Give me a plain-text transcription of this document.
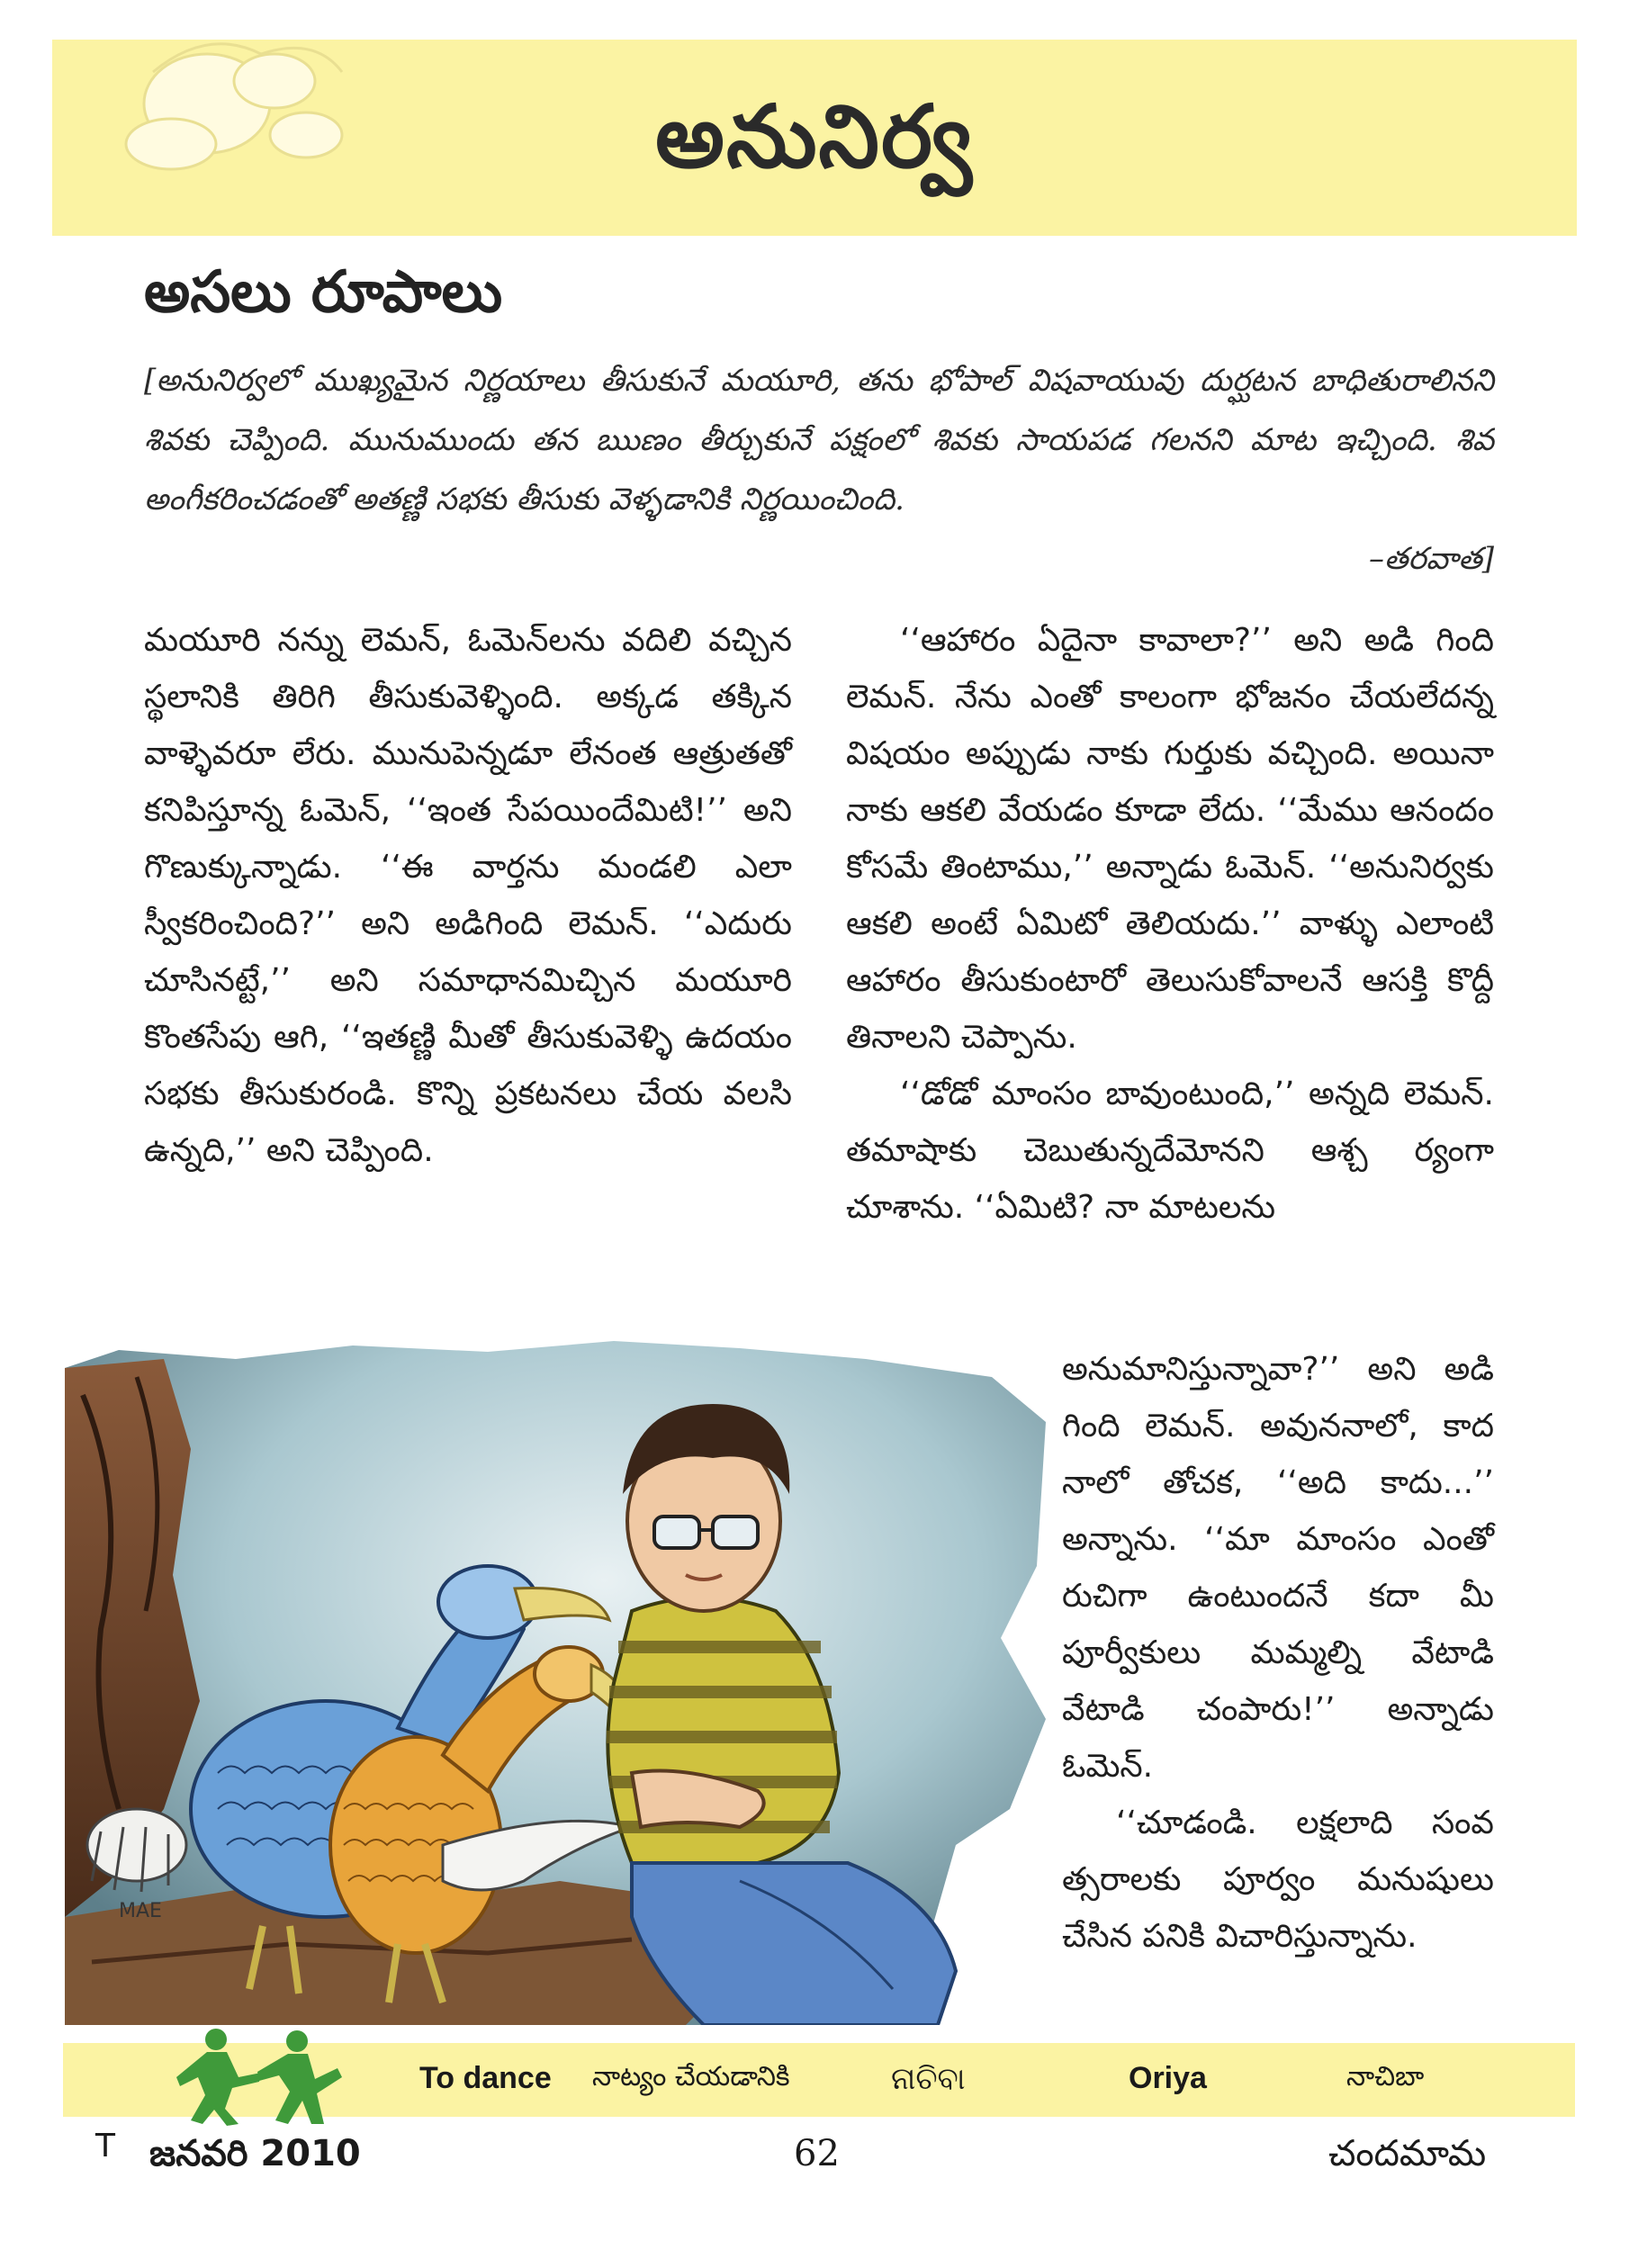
అనునిర్వ
అసలు రూపాలు

[అనునిర్వలో ముఖ్యమైన నిర్ణయాలు తీసుకునే మయూరి, తను భోపాల్ విషవాయువు దుర్ఘటన బాధితురాలినని శివకు చెప్పింది. మునుముందు తన ఋణం తీర్చుకునే పక్షంలో శివకు సాయపడ గలనని మాట ఇచ్చింది. శివ అంగీకరించడంతో అతణ్ణి సభకు తీసుకు వెళ్ళడానికి నిర్ణయించింది.

–తరవాత]

మయూరి నన్ను లెమన్, ఓమెన్‌లను వదిలి వచ్చిన స్థలానికి తిరిగి తీసుకువెళ్ళింది. అక్కడ తక్కిన వాళ్ళెవరూ లేరు. మునుపెన్నడూ లేనంత ఆత్రుతతో కనిపిస్తూన్న ఓమెన్, ‘‘ఇంత సేపయిందేమిటి!’’ అని గొణుక్కున్నాడు. ‘‘ఈ వార్తను మండలి ఎలా స్వీకరించింది?’’ అని అడిగింది లెమన్. ‘‘ఎదురు చూసినట్టే,’’ అని సమాధానమిచ్చిన మయూరి కొంతసేపు ఆగి, ‘‘ఇతణ్ణి మీతో తీసుకువెళ్ళి ఉదయం సభకు తీసుకురండి. కొన్ని ప్రకటనలు చేయ వలసి ఉన్నది,’’ అని చెప్పింది.

‘‘ఆహారం ఏదైనా కావాలా?’’ అని అడి గింది లెమన్. నేను ఎంతో కాలంగా భోజనం చేయలేదన్న విషయం అప్పుడు నాకు గుర్తుకు వచ్చింది. అయినా నాకు ఆకలి వేయడం కూడా లేదు. ‘‘మేము ఆనందం కోసమే తింటాము,’’ అన్నాడు ఓమెన్. ‘‘అనునిర్వకు ఆకలి అంటే ఏమిటో తెలియదు.’’ వాళ్ళు ఎలాంటి ఆహారం తీసుకుంటారో తెలుసుకోవాలనే ఆసక్తి కొద్దీ తినాలని చెప్పాను.

‘‘డోడో మాంసం బావుంటుంది,’’ అన్నది లెమన్. తమాషాకు చెబుతున్నదేమోనని ఆశ్చ ర్యంగా చూశాను. ‘‘ఏమిటి? నా మాటలను

అనుమానిస్తున్నావా?’’ అని అడి గింది లెమన్. అవుననాలో, కాద నాలో తోచక, ‘‘అది కాదు...’’ అన్నాను. ‘‘మా మాంసం ఎంతో రుచిగా ఉంటుందనే కదా మీ పూర్వీకులు మమ్మల్ని వేటాడి వేటాడి చంపారు!’’ అన్నాడు ఓమెన్.

‘‘చూడండి. లక్షలాది సంవ త్సరాలకు పూర్వం మనుషులు చేసిన పనికి విచారిస్తున్నాను.

MAE
To dance నాట్యం చేయడానికి	ନାଚିବା	Oriya	నాచిబా
T జనవరి 2010	62	చందమామ
